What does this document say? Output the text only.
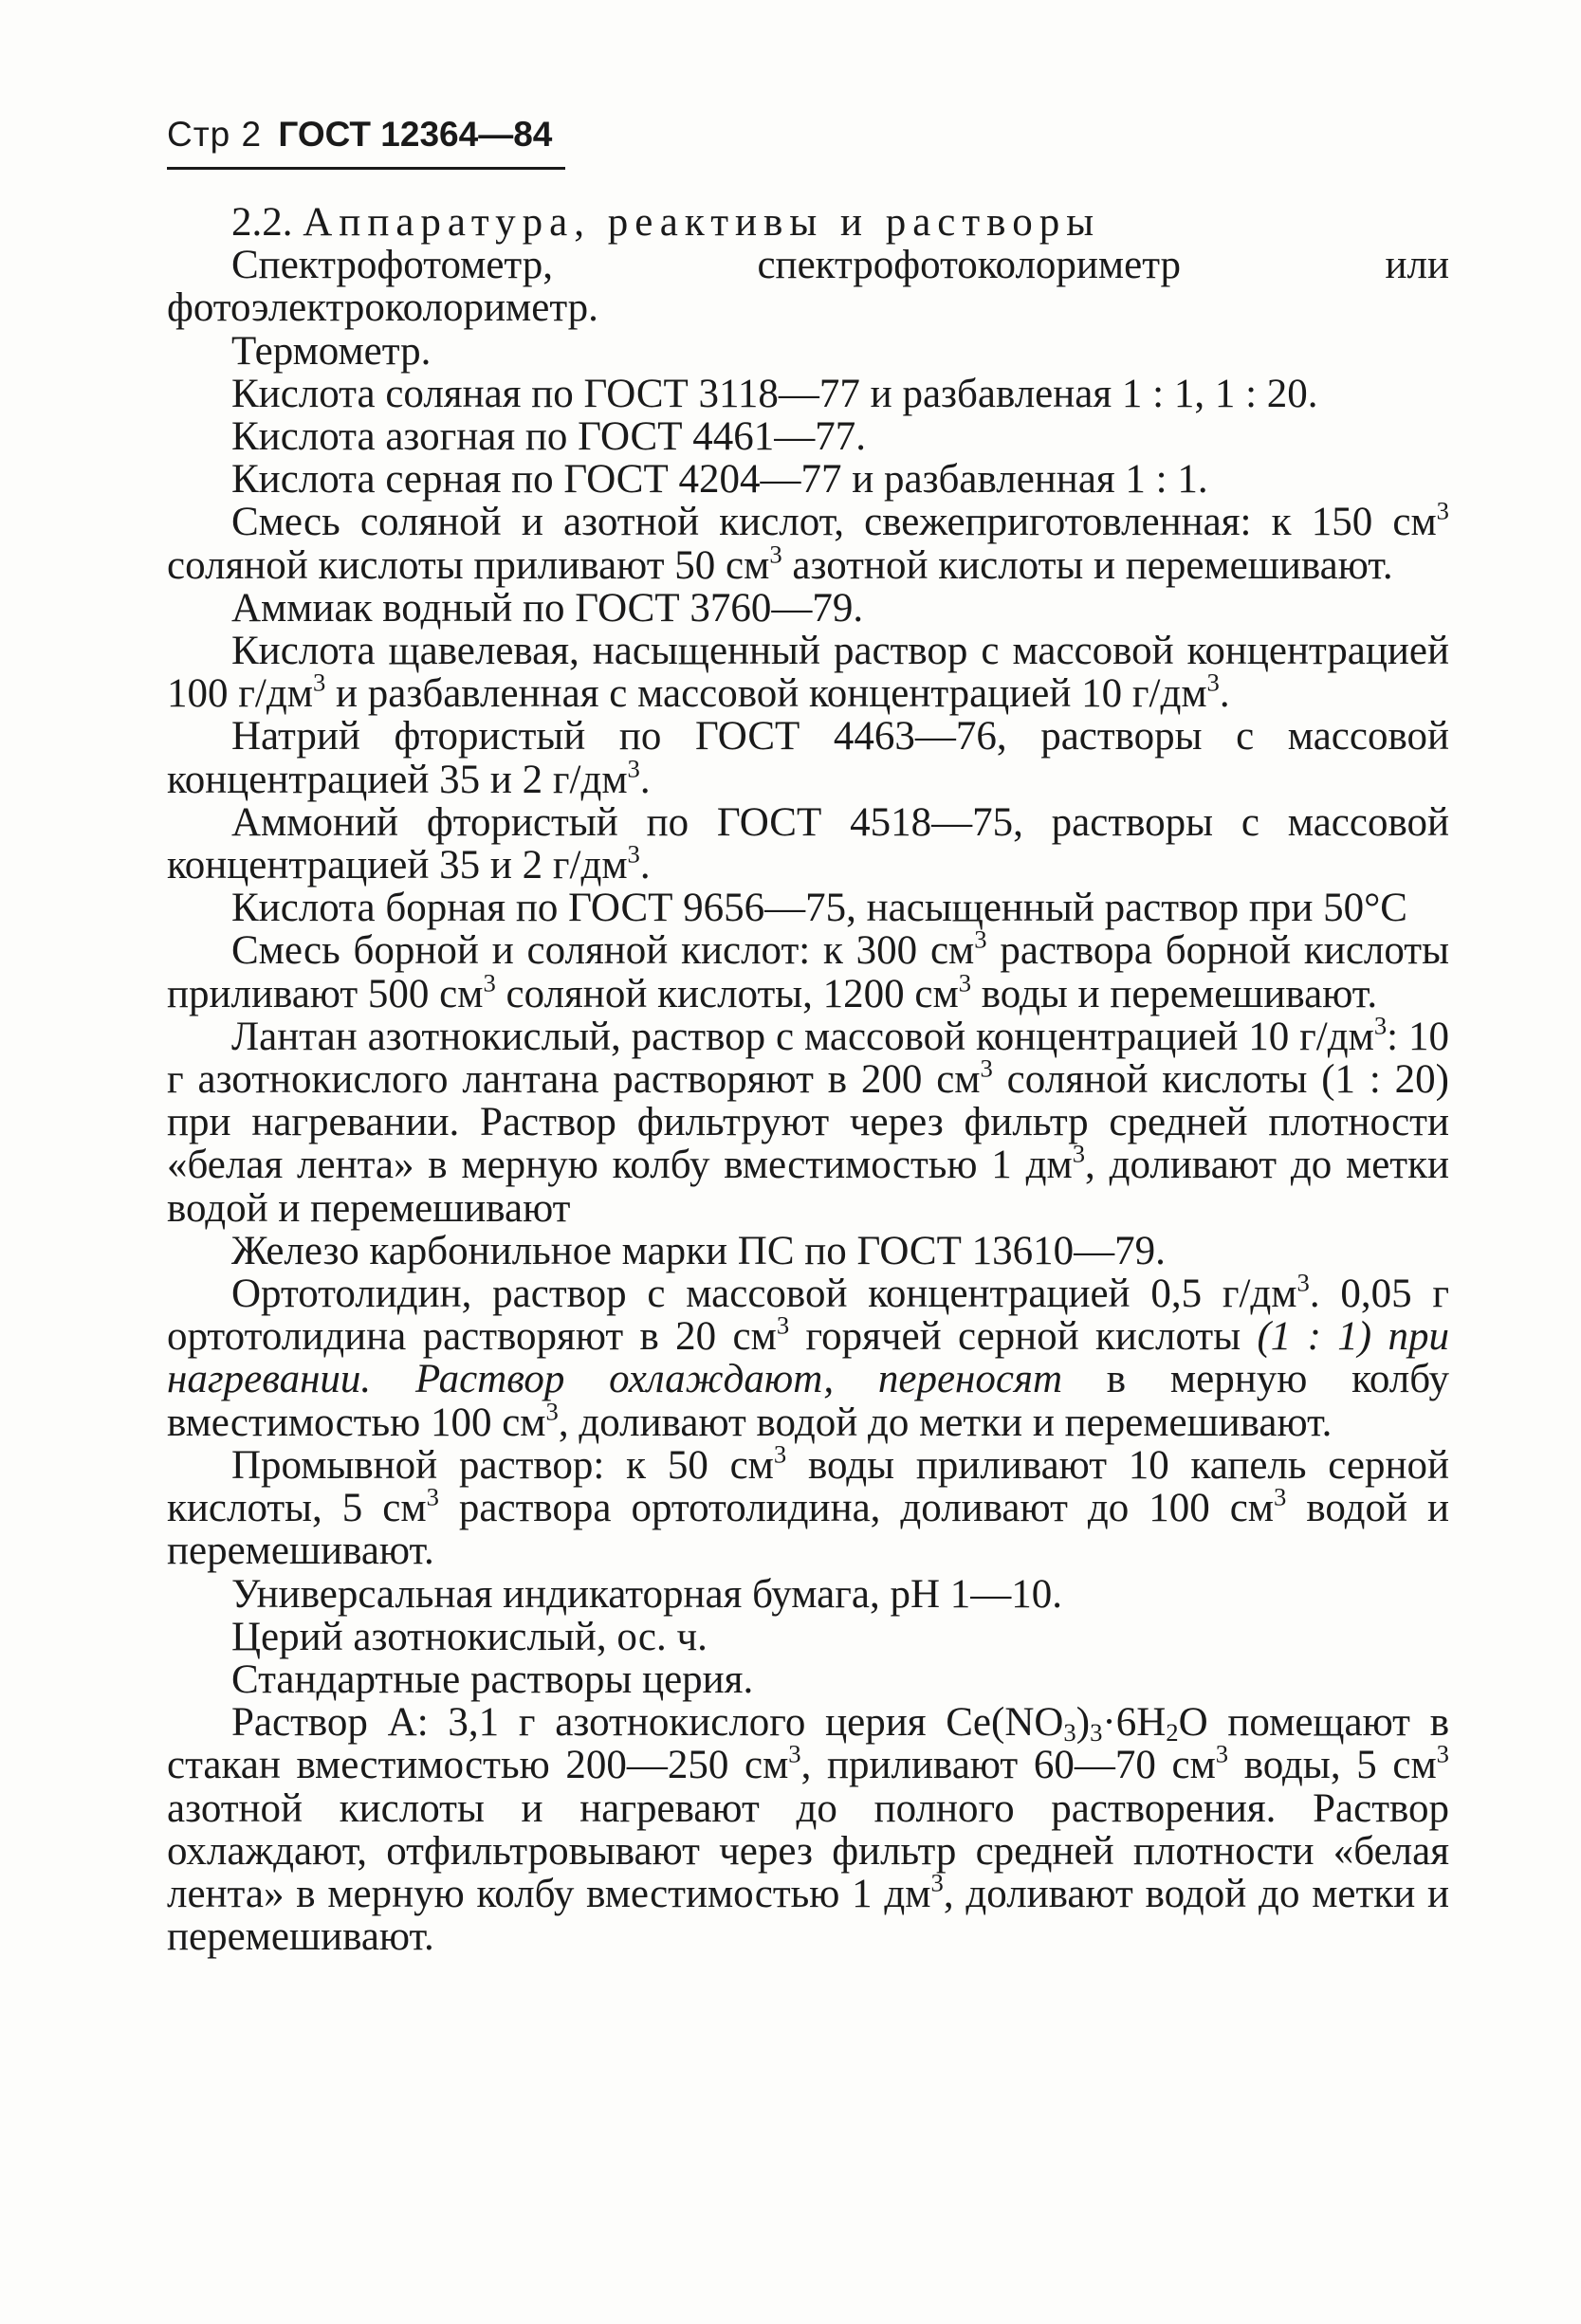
Стр 2 ГОСТ 12364—84

2.2. Аппаратура, реактивы и растворы

Спектрофотометр, спектрофотоколориметр или фотоэлектроколориметр.

Термометр.

Кислота соляная по ГОСТ 3118—77 и разбавленая 1 : 1, 1 : 20.

Кислота азогная по ГОСТ 4461—77.

Кислота серная по ГОСТ 4204—77 и разбавленная 1 : 1.

Смесь соляной и азотной кислот, свежеприготовленная: к 150 $см^3$ соляной кислоты приливают 50 $см^3$ азотной кислоты и перемешивают.

Аммиак водный по ГОСТ 3760—79.

Кислота щавелевая, насыщенный раствор с массовой концентрацией 100 $г/дм^3$ и разбавленная с массовой концентрацией 10 $г/дм^3$.

Натрий фтористый по ГОСТ 4463—76, растворы с массовой концентрацией 35 и 2 $г/дм^3$.

Аммоний фтористый по ГОСТ 4518—75, растворы с массовой концентрацией 35 и 2 $г/дм^3$.

Кислота борная по ГОСТ 9656—75, насыщенный раствор при 50°C

Смесь борной и соляной кислот: к 300 $см^3$ раствора борной кислоты приливают 500 $см^3$ соляной кислоты, 1200 $см^3$ воды и перемешивают.

Лантан азотнокислый, раствор с массовой концентрацией 10 $г/дм^3$: 10 г азотнокислого лантана растворяют в 200 $см^3$ соляной кислоты (1 : 20) при нагревании. Раствор фильтруют через фильтр средней плотности «белая лента» в мерную колбу вместимостью 1 $дм^3$, доливают до метки водой и перемешивают

Железо карбонильное марки ПС по ГОСТ 13610—79.

Ортотолидин, раствор с массовой концентрацией 0,5 $г/дм^3$. 0,05 г ортотолидина растворяют в 20 $см^3$ горячей серной кислоты (1 : 1) при нагревании. Раствор охлаждают, переносят в мерную колбу вместимостью 100 $см^3$, доливают водой до метки и перемешивают.

Промывной раствор: к 50 $см^3$ воды приливают 10 капель серной кислоты, 5 $см^3$ раствора ортотолидина, доливают до 100 $см^3$ водой и перемешивают.

Универсальная индикаторная бумага, pH 1—10.

Церий азотнокислый, ос. ч.

Стандартные растворы церия.

Раствор А: 3,1 г азотнокислого церия $Ce(NO_3)_3\cdot 6H_2O$ помещают в стакан вместимостью 200—250 $см^3$, приливают 60—70 $см^3$ воды, 5 $см^3$ азотной кислоты и нагревают до полного растворения. Раствор охлаждают, отфильтровывают через фильтр средней плотности «белая лента» в мерную колбу вместимостью 1 $дм^3$, доливают водой до метки и перемешивают.
